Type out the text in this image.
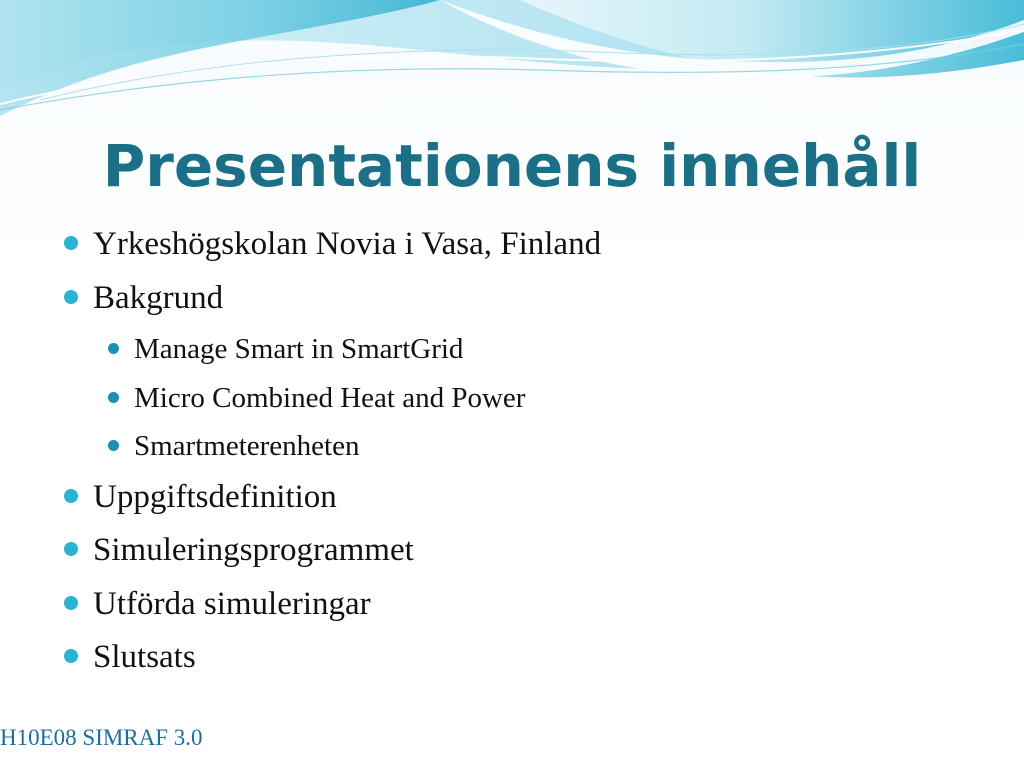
Presentationens innehåll
Yrkeshögskolan Novia i Vasa, Finland
Bakgrund
Manage Smart in SmartGrid
Micro Combined Heat and Power
Smartmeterenheten
Uppgiftsdefinition
Simuleringsprogrammet
Utförda simuleringar
Slutsats
H10E08 SIMRAF 3.0
